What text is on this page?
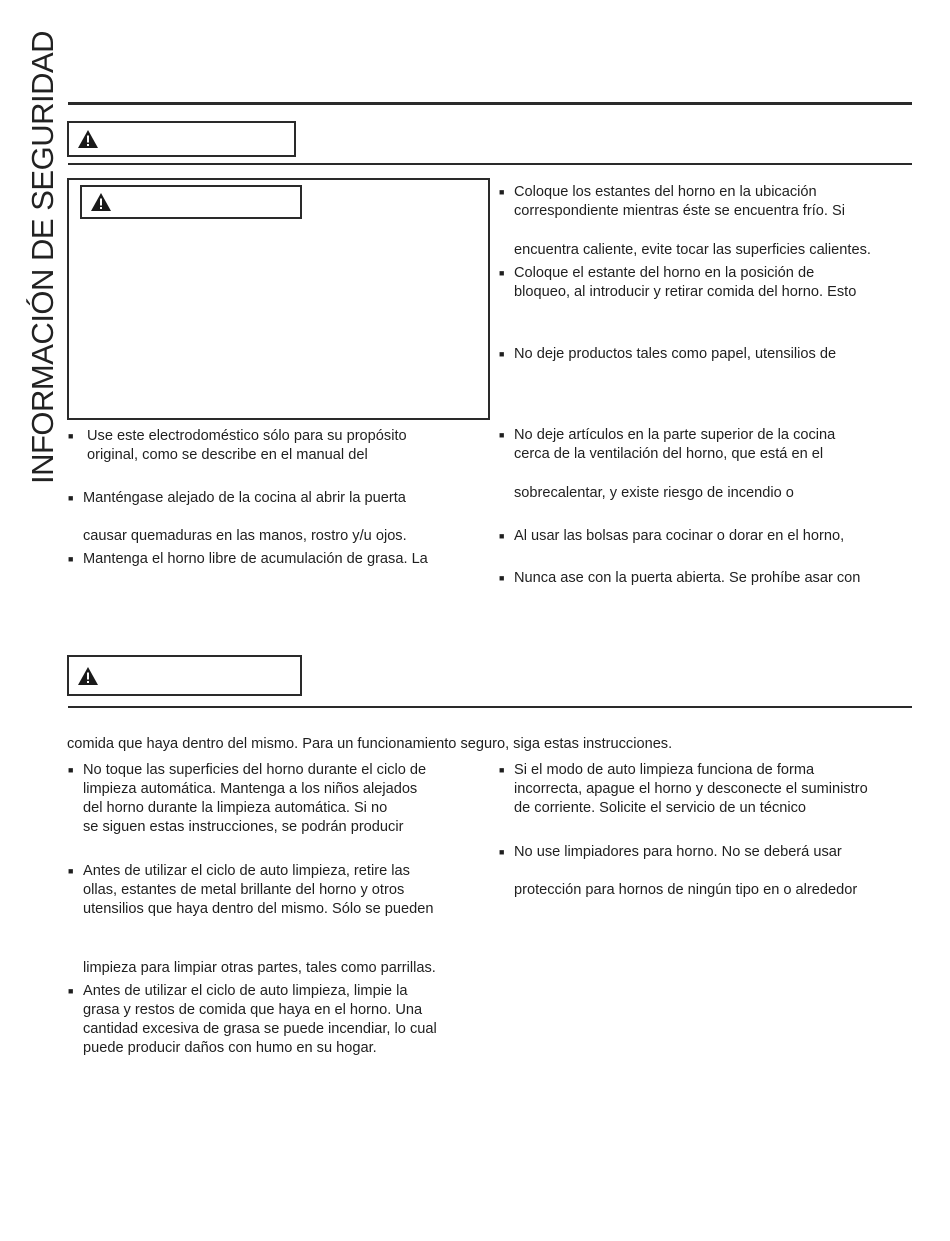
INFORMACIÓN DE SEGURIDAD ■ Use este electrodoméstico sólo para su propósito
original, como se describe en el manual del
■ Manténgase alejado de la cocina al abrir la puerta
causar quemaduras en las manos, rostro y/u ojos.
■ Mantenga el horno libre de acumulación de grasa. La
■ Coloque los estantes del horno en la ubicación
correspondiente mientras éste se encuentra frío. Si
encuentra caliente, evite tocar las superficies calientes.
■ Coloque el estante del horno en la posición de
bloqueo, al introducir y retirar comida del horno. Esto
■ No deje productos tales como papel, utensilios de
■ No deje artículos en la parte superior de la cocina
cerca de la ventilación del horno, que está en el
sobrecalentar, y existe riesgo de incendio o
■ Al usar las bolsas para cocinar o dorar en el horno,
■ Nunca ase con la puerta abierta. Se prohíbe asar con
comida que haya dentro del mismo. Para un funcionamiento seguro, siga estas instrucciones.
■ No toque las superficies del horno durante el ciclo de
limpieza automática. Mantenga a los niños alejados
del horno durante la limpieza automática. Si no
se siguen estas instrucciones, se podrán producir
■ Antes de utilizar el ciclo de auto limpieza, retire las
ollas, estantes de metal brillante del horno y otros
utensilios que haya dentro del mismo. Sólo se pueden
limpieza para limpiar otras partes, tales como parrillas.
■ Antes de utilizar el ciclo de auto limpieza, limpie la
grasa y restos de comida que haya en el horno. Una
cantidad excesiva de grasa se puede incendiar, lo cual
puede producir daños con humo en su hogar.
■ Si el modo de auto limpieza funciona de forma
incorrecta, apague el horno y desconecte el suministro
de corriente. Solicite el servicio de un técnico
■ No use limpiadores para horno. No se deberá usar
protección para hornos de ningún tipo en o alrededor
